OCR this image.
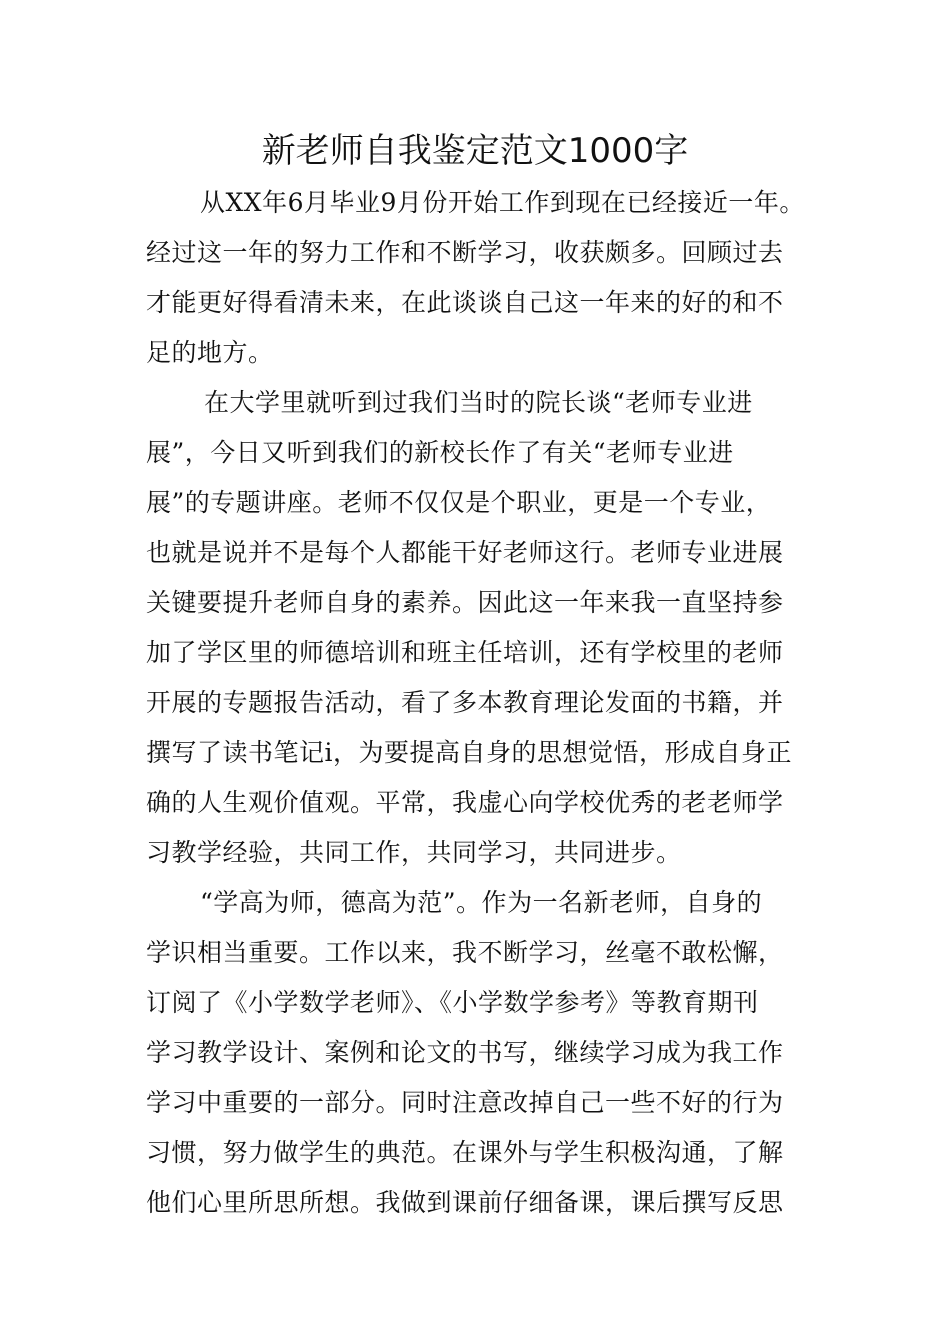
新老师自我鉴定范文1000字
从XX年6月毕业9月份开始工作到现在已经接近一年。
经过这一年的努力工作和不断学习，收获颇多。回顾过去
才能更好得看清未来，在此谈谈自己这一年来的好的和不
足的地方。
在大学里就听到过我们当时的院长谈“老师专业进
展”，今日又听到我们的新校长作了有关“老师专业进
展”的专题讲座。老师不仅仅是个职业，更是一个专业，
也就是说并不是每个人都能干好老师这行。老师专业进展
关键要提升老师自身的素养。因此这一年来我一直坚持参
加了学区里的师德培训和班主任培训，还有学校里的老师
开展的专题报告活动，看了多本教育理论发面的书籍，并
撰写了读书笔记i，为要提高自身的思想觉悟，形成自身正
确的人生观价值观。平常，我虚心向学校优秀的老老师学
习教学经验，共同工作，共同学习，共同进步。
“学高为师，德高为范”。作为一名新老师，自身的
学识相当重要。工作以来，我不断学习，丝毫不敢松懈，
订阅了《小学数学老师》、《小学数学参考》等教育期刊
学习教学设计、案例和论文的书写，继续学习成为我工作
学习中重要的一部分。同时注意改掉自己一些不好的行为
习惯，努力做学生的典范。在课外与学生积极沟通，了解
他们心里所思所想。我做到课前仔细备课，课后撰写反思
